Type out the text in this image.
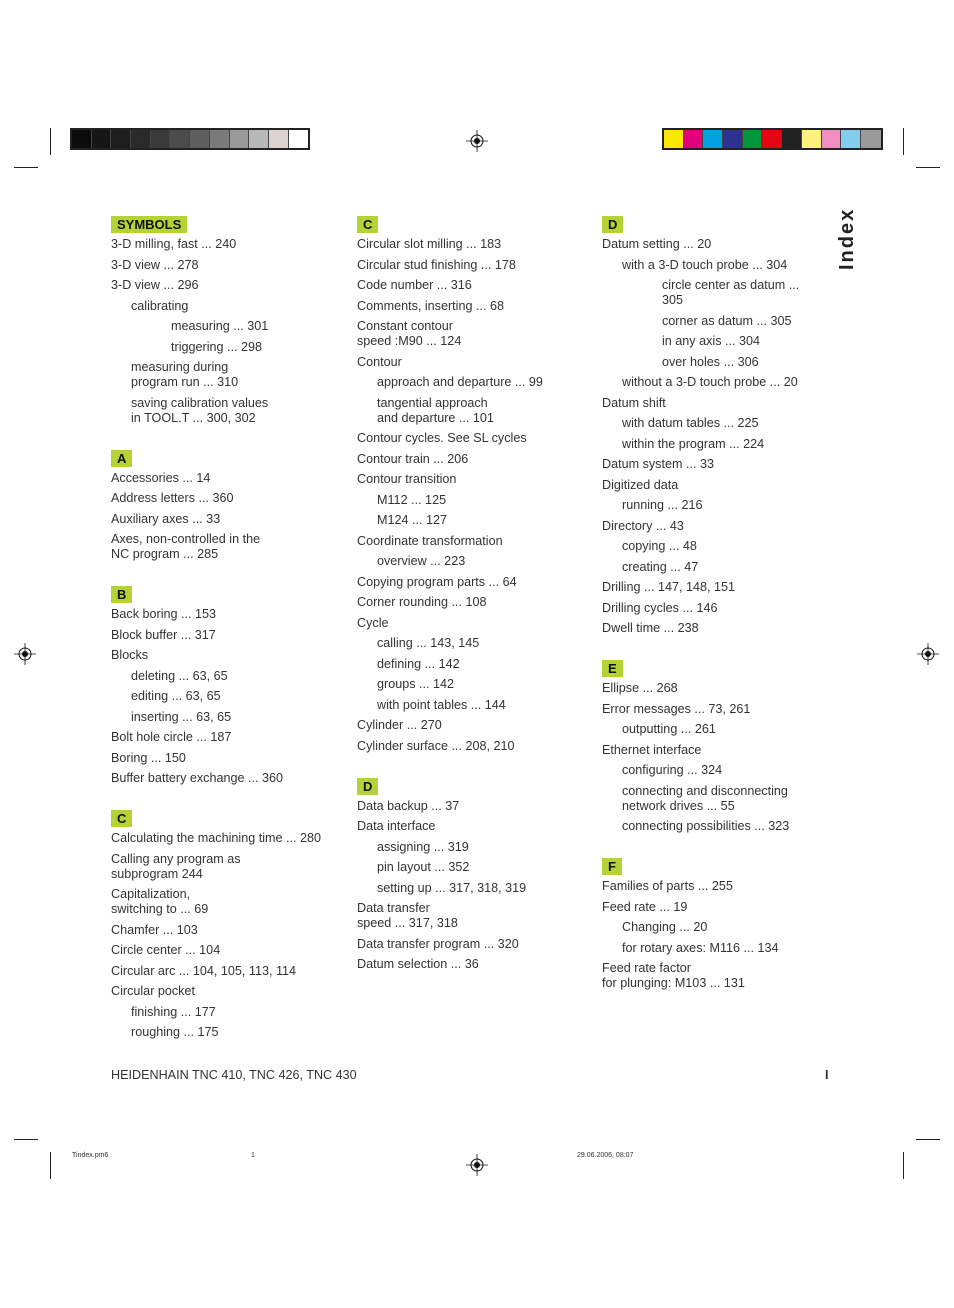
Index
SYMBOLS
3-D milling, fast ... 240
3-D view ... 278
3-D view ... 296
calibrating
measuring ... 301
triggering ... 298
measuring during
program run ... 310
saving calibration values
in TOOL.T ... 300, 302
A
Accessories ... 14
Address letters ... 360
Auxiliary axes ... 33
Axes, non-controlled in the
NC program ... 285
B
Back boring ... 153
Block buffer ... 317
Blocks
deleting ... 63, 65
editing ... 63, 65
inserting ... 63, 65
Bolt hole circle ... 187
Boring ... 150
Buffer battery exchange ... 360
C
Calculating the machining time ... 280
Calling any program as
subprogram 244
Capitalization,
switching to ... 69
Chamfer ... 103
Circle center ... 104
Circular arc ... 104, 105, 113, 114
Circular pocket
finishing ... 177
roughing ... 175
C
Circular slot milling ... 183
Circular stud finishing ... 178
Code number ... 316
Comments, inserting ... 68
Constant contour
speed :M90 ... 124
Contour
approach and departure ... 99
tangential approach
and departure ... 101
Contour cycles. See SL cycles
Contour train ... 206
Contour transition
M112 ... 125
M124 ... 127
Coordinate transformation
overview ... 223
Copying program parts ... 64
Corner rounding ... 108
Cycle
calling ... 143, 145
defining ... 142
groups ... 142
with point tables ... 144
Cylinder ... 270
Cylinder surface ... 208, 210
D
Data backup ... 37
Data interface
assigning ... 319
pin layout ... 352
setting up ... 317, 318, 319
Data transfer
speed ... 317, 318
Data transfer program ... 320
Datum selection ... 36
D
Datum setting ... 20
with a 3-D touch probe ... 304
circle center as datum ...
305
corner as datum ... 305
in any axis ... 304
over holes ... 306
without a 3-D touch probe ... 20
Datum shift
with datum tables ... 225
within the program ... 224
Datum system ... 33
Digitized data
running ... 216
Directory ... 43
copying ... 48
creating ... 47
Drilling ... 147, 148, 151
Drilling cycles ... 146
Dwell time ... 238
E
Ellipse ... 268
Error messages ... 73, 261
outputting ... 261
Ethernet interface
configuring ... 324
connecting and disconnecting
network drives ... 55
connecting possibilities ... 323
F
Families of parts ... 255
Feed rate ... 19
Changing ... 20
for rotary axes: M116 ... 134
Feed rate factor
for plunging: M103 ... 131
HEIDENHAIN TNC 410, TNC 426, TNC 430	I
Tindex.pm6	1	29.06.2006, 08:07
